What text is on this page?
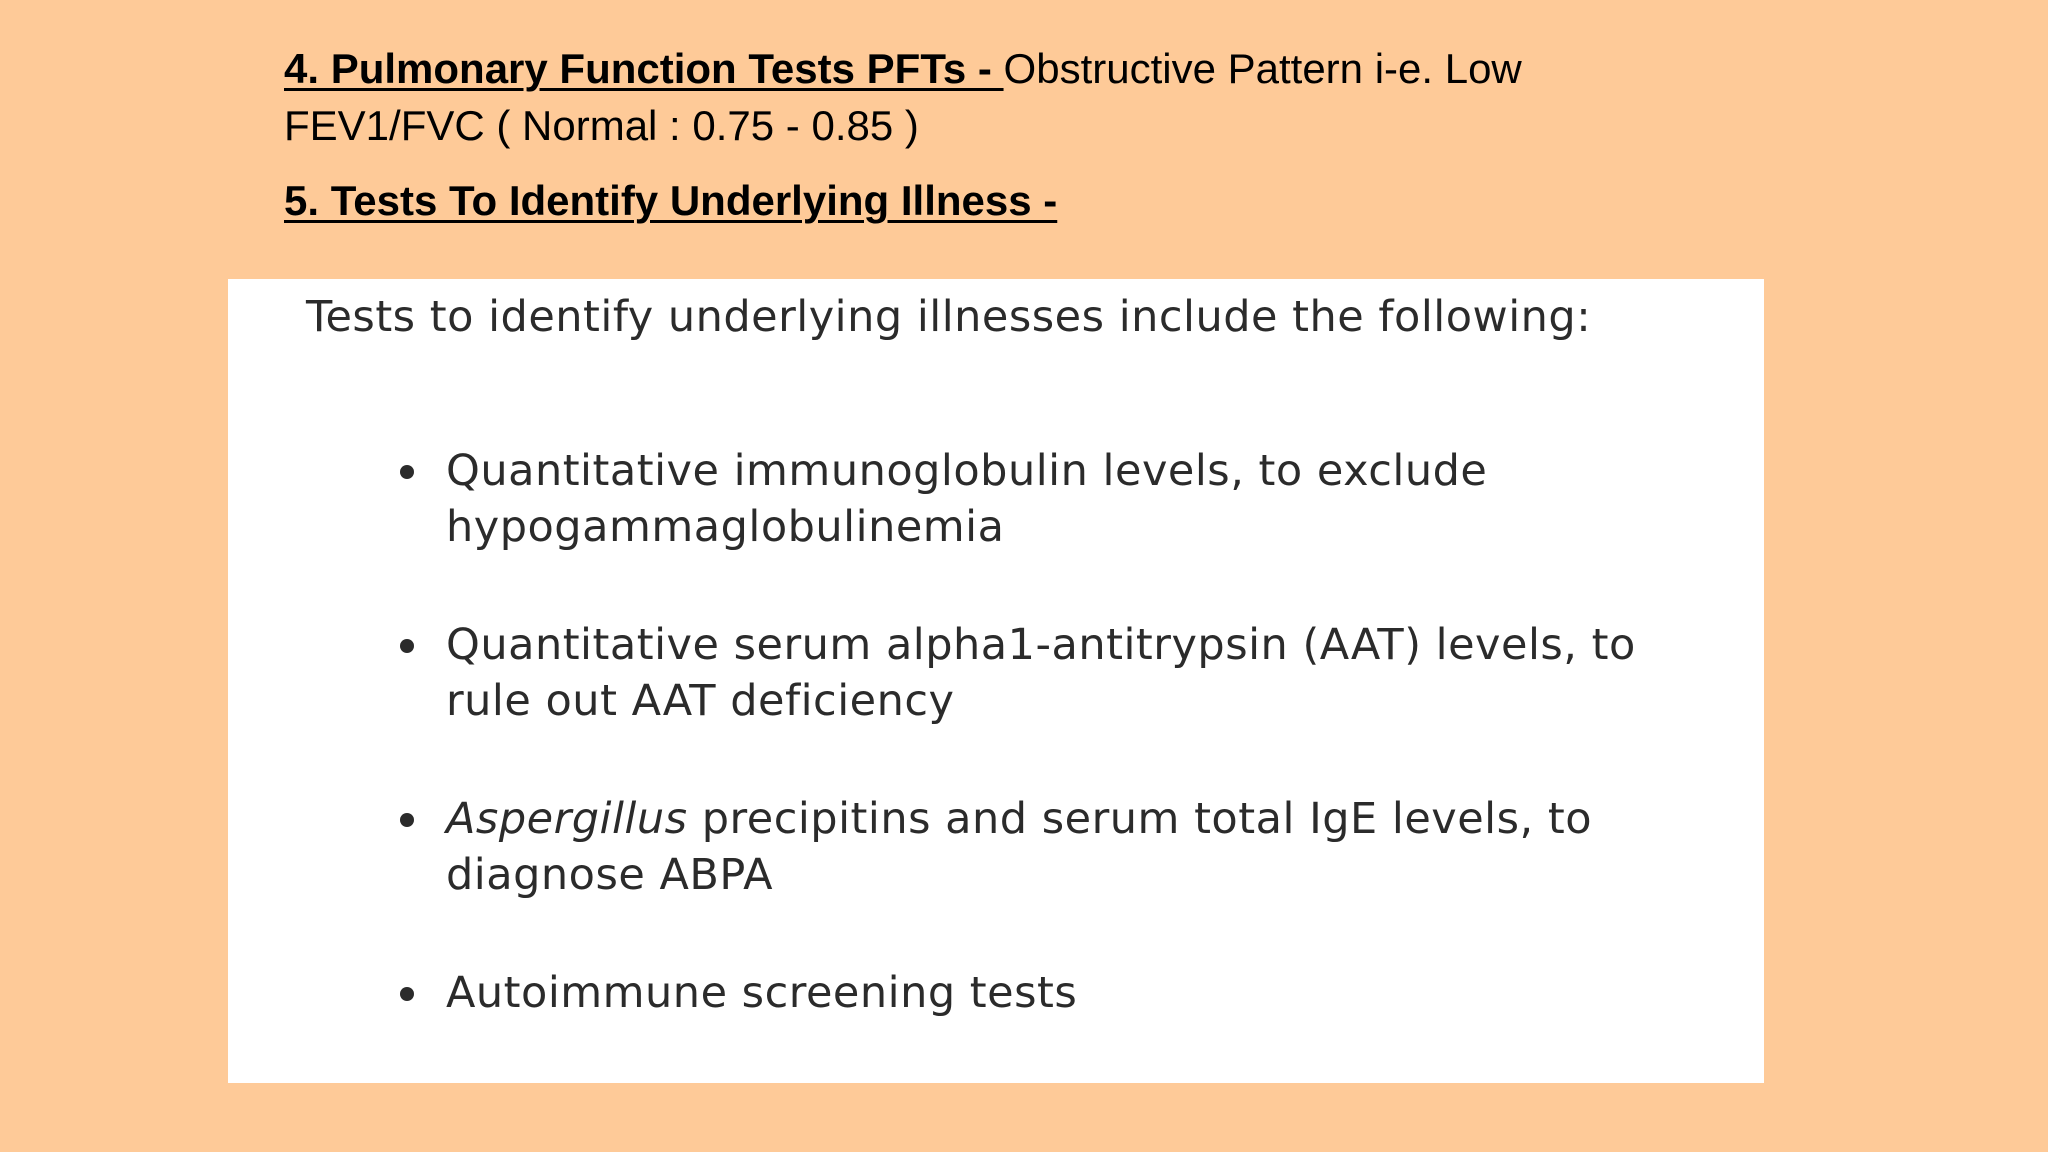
4. Pulmonary Function Tests PFTs - Obstructive Pattern i-e. Low FEV1/FVC ( Normal : 0.75 - 0.85 )

5. Tests To Identify Underlying Illness -

Tests to identify underlying illnesses include the following:

Quantitative immunoglobulin levels, to exclude hypogammaglobulinemia
Quantitative serum alpha1-antitrypsin (AAT) levels, to rule out AAT deficiency
Aspergillus precipitins and serum total IgE levels, to diagnose ABPA
Autoimmune screening tests
